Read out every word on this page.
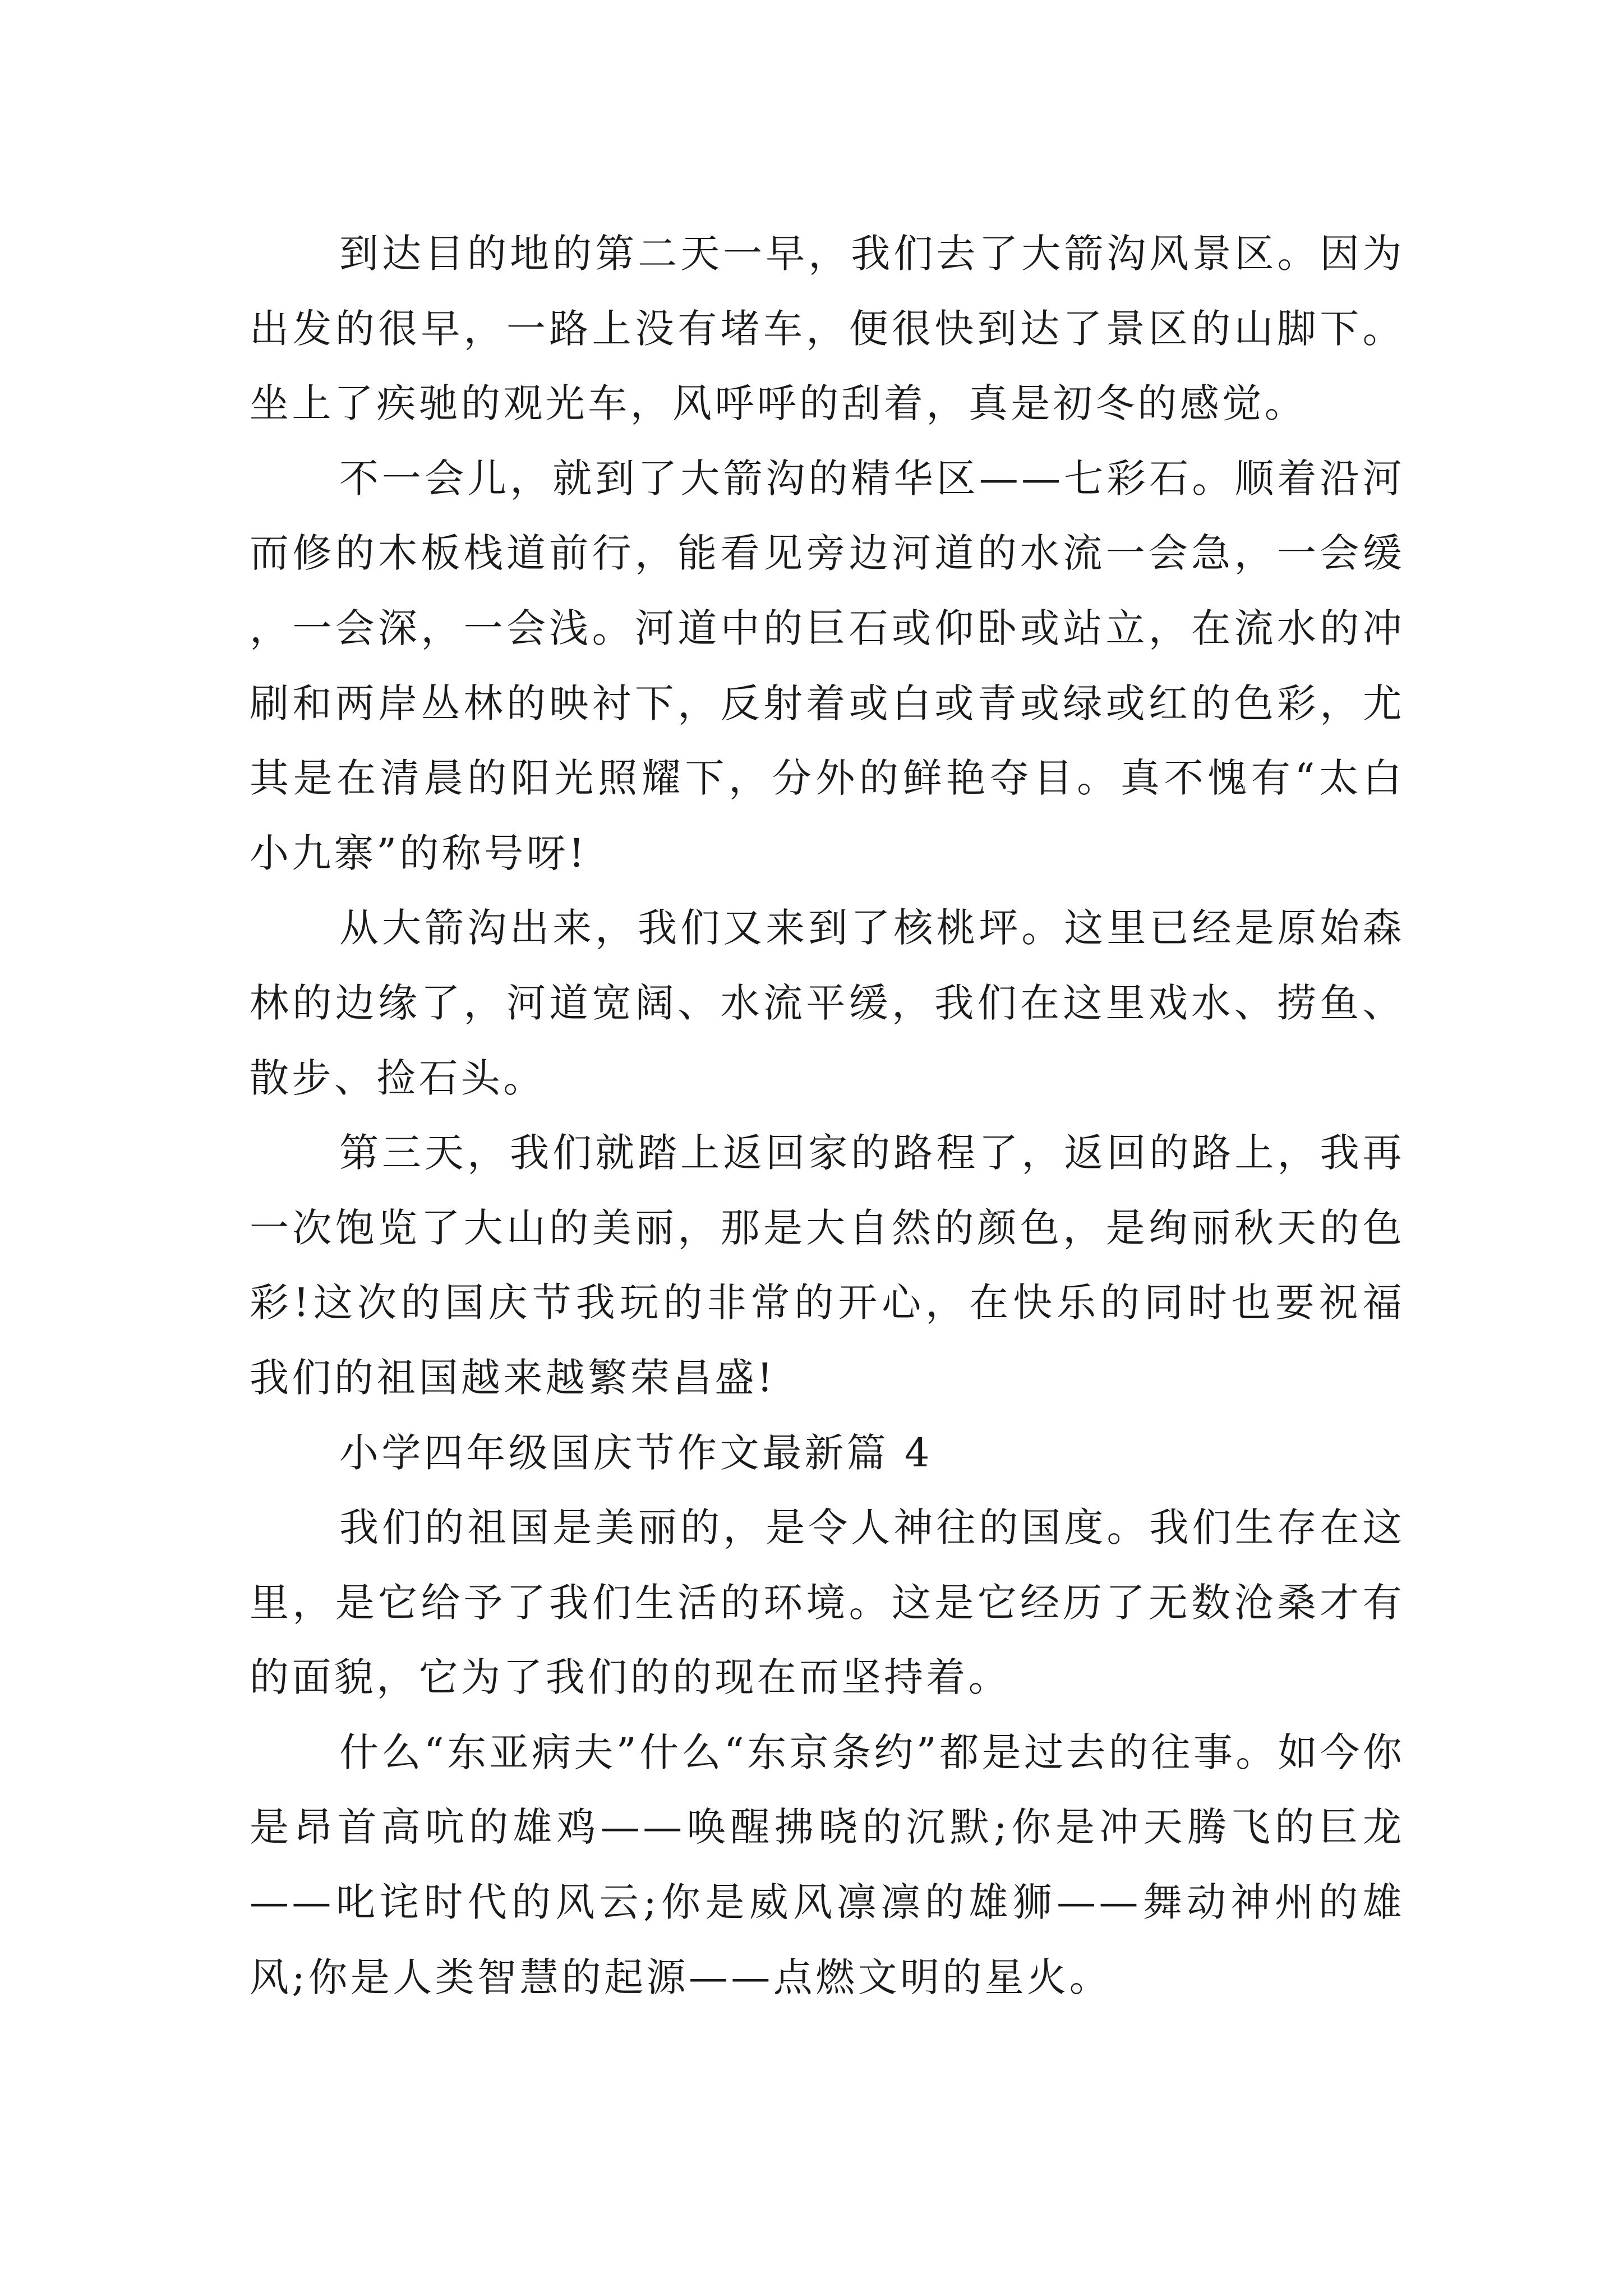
到达目的地的第二天一早，我们去了大箭沟风景区。因为出发的很早，一路上没有堵车，便很快到达了景区的山脚下。坐上了疾驰的观光车，风呼呼的刮着，真是初冬的感觉。

不一会儿，就到了大箭沟的精华区——七彩石。顺着沿河而修的木板栈道前行，能看见旁边河道的水流一会急，一会缓，一会深，一会浅。河道中的巨石或仰卧或站立，在流水的冲刷和两岸丛林的映衬下，反射着或白或青或绿或红的色彩，尤其是在清晨的阳光照耀下，分外的鲜艳夺目。真不愧有“太白小九寨”的称号呀!

从大箭沟出来，我们又来到了核桃坪。这里已经是原始森林的边缘了，河道宽阔、水流平缓，我们在这里戏水、捞鱼、散步、捡石头。

第三天，我们就踏上返回家的路程了，返回的路上，我再一次饱览了大山的美丽，那是大自然的颜色，是绚丽秋天的色彩!这次的国庆节我玩的非常的开心，在快乐的同时也要祝福我们的祖国越来越繁荣昌盛!

小学四年级国庆节作文最新篇 4

我们的祖国是美丽的，是令人神往的国度。我们生存在这里，是它给予了我们生活的环境。这是它经历了无数沧桑才有的面貌，它为了我们的的现在而坚持着。

什么“东亚病夫”什么“东京条约”都是过去的往事。如今你是昂首高吭的雄鸡——唤醒拂晓的沉默;你是冲天腾飞的巨龙——叱诧时代的风云;你是威风凛凛的雄狮——舞动神州的雄风;你是人类智慧的起源——点燃文明的星火。
